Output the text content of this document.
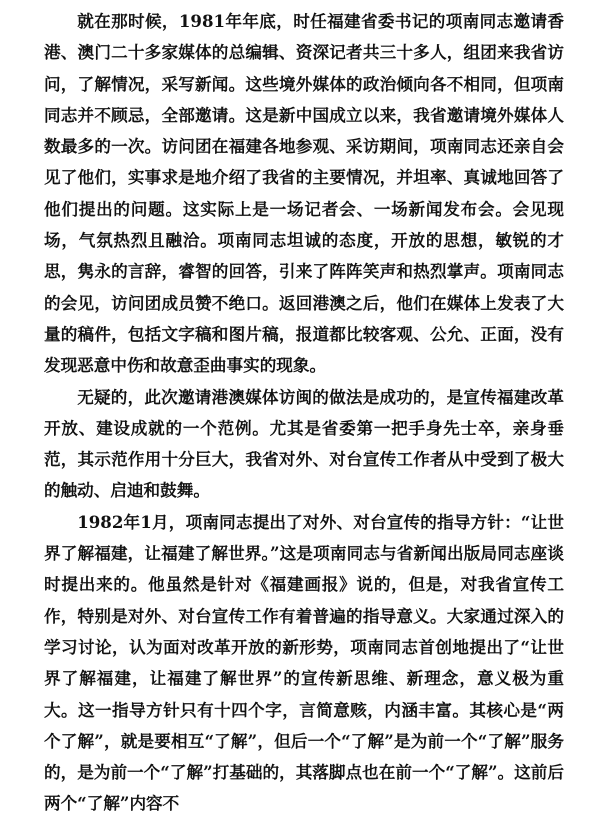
就在那时候，1981年年底，时任福建省委书记的项南同志邀请香港、澳门二十多家媒体的总编辑、资深记者共三十多人，组团来我省访问，了解情况，采写新闻。这些境外媒体的政治倾向各不相同，但项南同志并不顾忌，全部邀请。这是新中国成立以来，我省邀请境外媒体人数最多的一次。访问团在福建各地参观、采访期间，项南同志还亲自会见了他们，实事求是地介绍了我省的主要情况，并坦率、真诚地回答了他们提出的问题。这实际上是一场记者会、一场新闻发布会。会见现场，气氛热烈且融洽。项南同志坦诚的态度，开放的思想，敏锐的才思，隽永的言辞，睿智的回答，引来了阵阵笑声和热烈掌声。项南同志的会见，访问团成员赞不绝口。返回港澳之后，他们在媒体上发表了大量的稿件，包括文字稿和图片稿，报道都比较客观、公允、正面，没有发现恶意中伤和故意歪曲事实的现象。

无疑的，此次邀请港澳媒体访闽的做法是成功的，是宣传福建改革开放、建设成就的一个范例。尤其是省委第一把手身先士卒，亲身垂范，其示范作用十分巨大，我省对外、对台宣传工作者从中受到了极大的触动、启迪和鼓舞。

1982年1月，项南同志提出了对外、对台宣传的指导方针：“让世界了解福建，让福建了解世界。”这是项南同志与省新闻出版局同志座谈时提出来的。他虽然是针对《福建画报》说的，但是，对我省宣传工作，特别是对外、对台宣传工作有着普遍的指导意义。大家通过深入的学习讨论，认为面对改革开放的新形势，项南同志首创地提出了“让世界了解福建，让福建了解世界”的宣传新思维、新理念，意义极为重大。这一指导方针只有十四个字，言简意赅，内涵丰富。其核心是“两个了解”，就是要相互“了解”，但后一个“了解”是为前一个“了解”服务的，是为前一个“了解”打基础的，其落脚点也在前一个“了解”。这前后两个“了解”内容不
